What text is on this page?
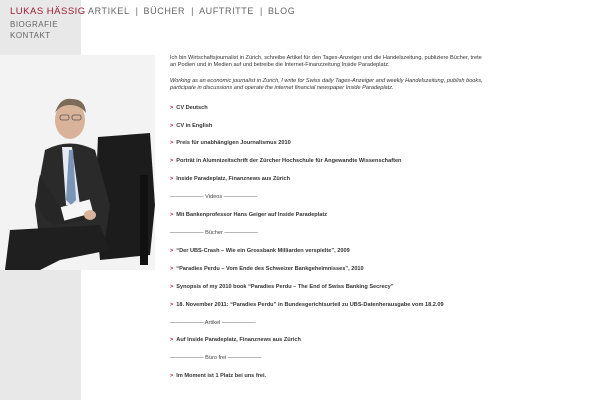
LUKAS HÄSSIG
BIOGRAFIE
KONTAKT
ARTIKEL | BÜCHER | AUFTRITTE | BLOG

Ich bin Wirtschaftsjournalist in Zürich, schreibe Artikel für den Tages-Anzeiger und die Handelszeitung, publiziere Bücher, trete an Podien und in Medien auf und betreibe die Internet-Finanzzeitung Inside Paradeplatz.

Working as an economic journalist in Zurich, I write for Swiss daily Tages-Anzeiger and weekly Handelszeitung, publish books, participate in discussions and operate the internet financial newspaper Inside Paradeplatz.

> CV Deutsch
> CV in English
> Preis für unabhängigen Journalismus 2010
> Porträt in Alumnizeitschrift der Zürcher Hochschule für Angewandte Wissenschaften
> Inside Paradeplatz, Finanznews aus Zürich
—————— Videos ——————
> Mit Bankenprofessor Hans Geiger auf Inside Paradeplatz
—————— Bücher ——————
> “Der UBS-Crash – Wie ein Grossbank Milliarden verspielte”, 2009
> “Paradies Perdu – Vom Ende des Schweizer Bankgeheimnisses”, 2010
> Synopsis of my 2010 book “Paradies Perdu – The End of Swiss Banking Secrecy”
> 18. November 2011: “Paradies Perdu” in Bundesgerichtsurteil zu UBS-Datenherausgabe vom 18.2.09
—————— Artikel ——————
> Auf Inside Paradeplatz, Finanznews aus Zürich
—————— Büro frei ——————
> Im Moment ist 1 Platz bei uns frei.
